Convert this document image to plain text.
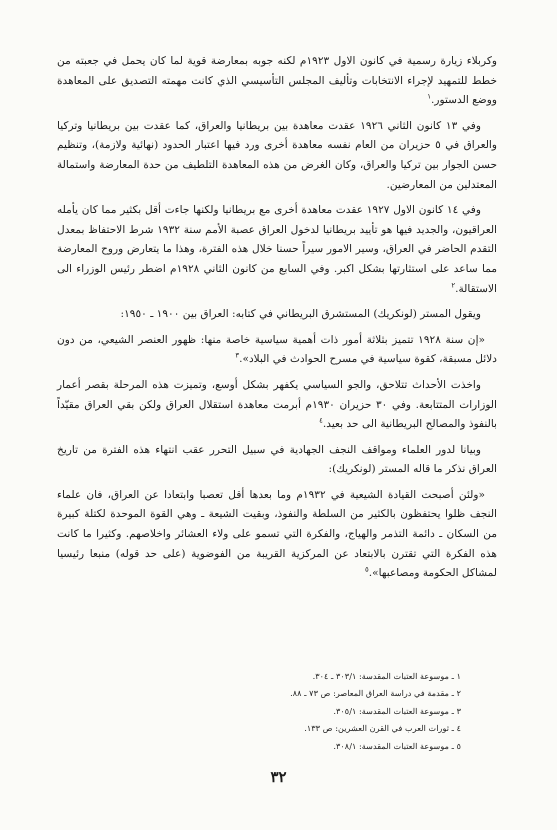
وكربلاء زيارة رسمية في كانون الاول ١٩٢٣م لكنه جوبه بمعارضة قوية لما كان يحمل في جعبته من خطط للتمهيد لإجراء الانتخابات وتأليف المجلس التأسيسي الذي كانت مهمته التصديق على المعاهدة ووضع الدستور.$^١$

وفي ١٣ كانون الثاني ١٩٢٦ عقدت معاهدة بين بريطانيا والعراق، كما عقدت بين بريطانيا وتركيا والعراق في ٥ حزيران من العام نفسه معاهدة أخرى ورد فيها اعتبار الحدود (نهائية ولازمة)، وتنظيم حسن الجوار بين تركيا والعراق، وكان الغرض من هذه المعاهدة التلطيف من حدة المعارضة واستمالة المعتدلين من المعارضين.

وفي ١٤ كانون الاول ١٩٢٧ عقدت معاهدة أخرى مع بريطانيا ولكنها جاءت أقل بكثير مما كان يأمله العراقيون، والجديد فيها هو تأييد بريطانيا لدخول العراق عصبة الأمم سنة ١٩٣٢ شرط الاحتفاظ بمعدل التقدم الحاضر في العراق، وسير الامور سيراً حسنا خلال هذه الفترة، وهذا ما يتعارض وروح المعارضة مما ساعد على استثارتها بشكل اكبر. وفي السابع من كانون الثاني ١٩٢٨م اضطر رئيس الوزراء الى الاستقالة.$^٢$

ويقول المستر (لونكريك) المستشرق البريطاني في كتابه: العراق بين ١٩٠٠ ـ ١٩٥٠:

«إن سنة ١٩٢٨ تتميز بثلاثة أمور ذات أهمية سياسية خاصة منها: ظهور العنصر الشيعي، من دون دلائل مسبقة، كقوة سياسية في مسرح الحوادث في البلاد».$^٣$

واخذت الأحداث تتلاحق، والجو السياسي يكفهر بشكل أوسع، وتميزت هذه المرحلة بقصر أعمار الوزارات المتتابعة. وفي ٣٠ حزيران ١٩٣٠م أبرمت معاهدة استقلال العراق ولكن بقي العراق مقيّداً بالنفوذ والمصالح البريطانية الى حد بعيد.$^٤$

وبيانا لدور العلماء ومواقف النجف الجهادية في سبيل التحرر عقب انتهاء هذه الفترة من تاريخ العراق نذكر ما قاله المستر (لونكريك):

«ولئن أصبحت القيادة الشيعية في ١٩٣٢م وما بعدها أقل تعصبا وابتعادا عن العراق، فان علماء النجف ظلوا يحتفظون بالكثير من السلطة والنفوذ، وبقيت الشيعة ـ وهي القوة الموحدة لكتلة كبيرة من السكان ـ دائمة التذمر والهياج، والفكرة التي تسمو على ولاء العشائر واخلاصهم. وكثيرا ما كانت هذه الفكرة التي تقترن بالابتعاد عن المركزية القريبة من الفوضوية (على حد قوله) منبعا رئيسيا لمشاكل الحكومة ومصاعبها».$^٥$

١ ـ موسوعة العتبات المقدسة: ٣٠٣/١ ـ ٣٠٤.
٢ ـ مقدمة في دراسة العراق المعاصر: ص ٧٣ ـ ٨٨.
٣ ـ موسوعة العتبات المقدسة: ٣٠٥/١.
٤ ـ ثورات العرب في القرن العشرين: ص ١٣٣.
٥ ـ موسوعة العتبات المقدسة: ٣٠٨/١.
٣٢
